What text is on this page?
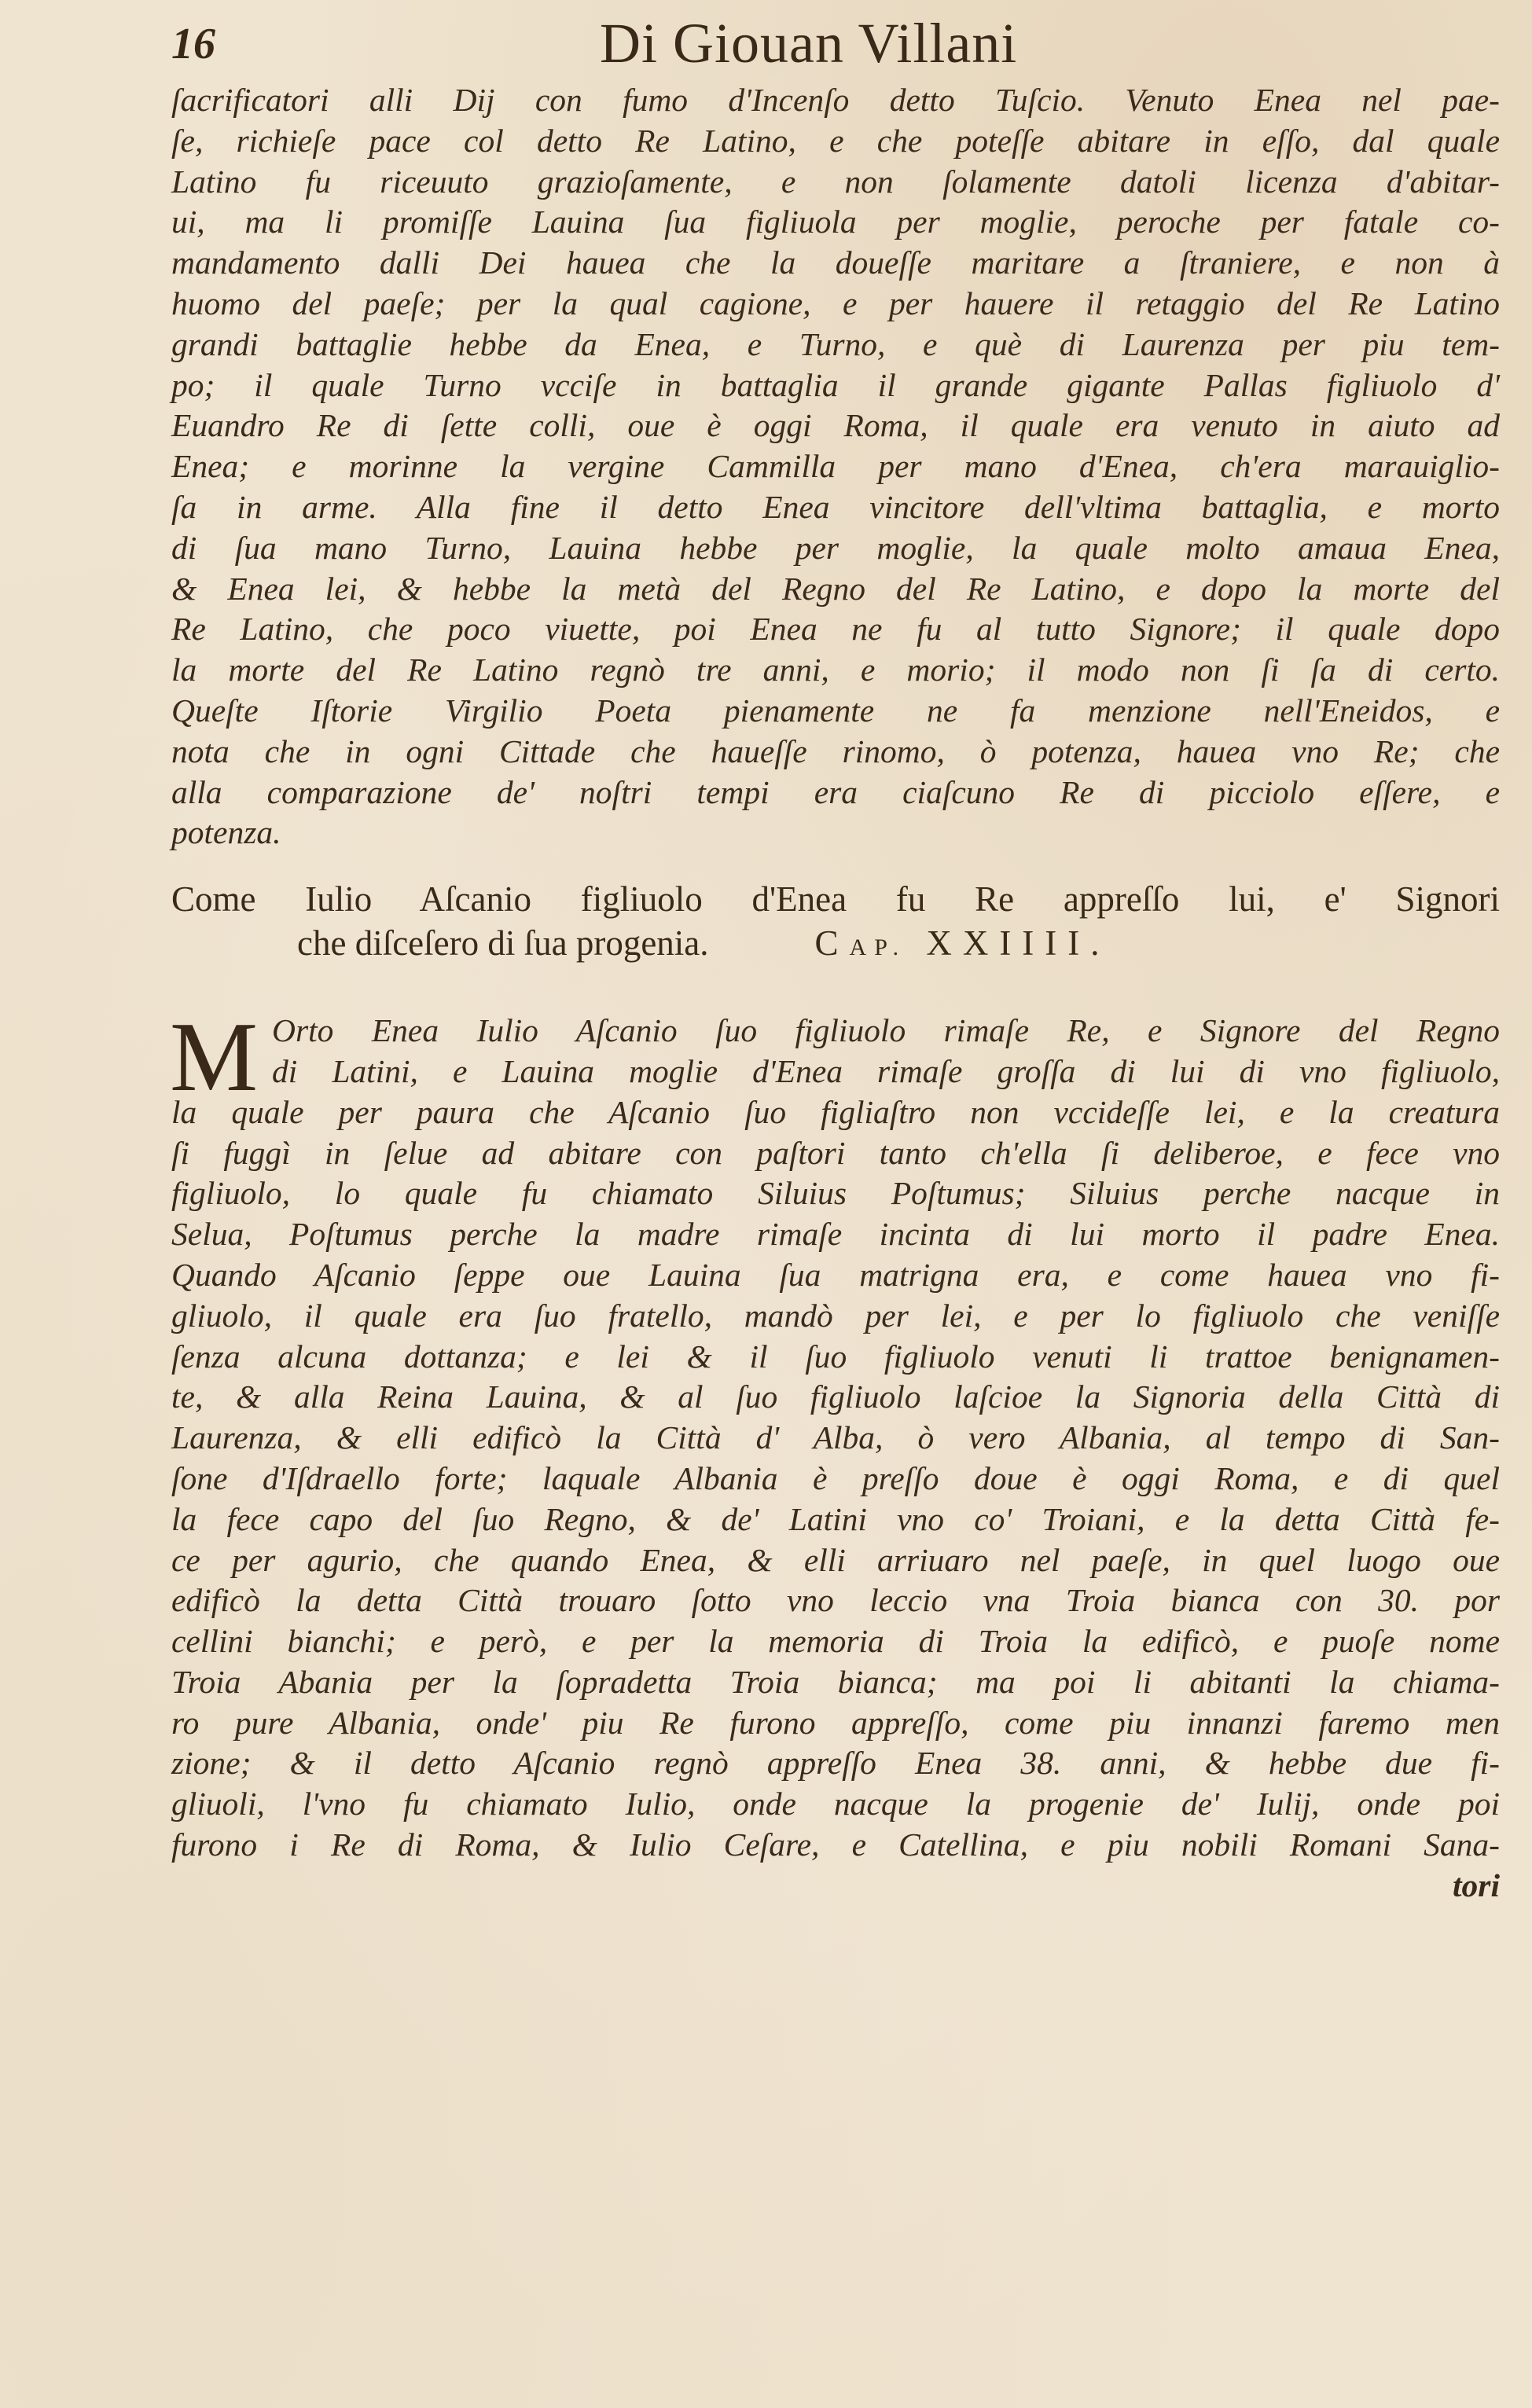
16	Di Giouan Villani
ſacrificatori alli Dij con fumo d'Incenſo detto Tuſcio. Venuto Enea nel pae-
ſe, richieſe pace col detto Re Latino, e che poteſſe abitare in eſſo, dal quale
Latino fu riceuuto grazioſamente, e non ſolamente datoli licenza d'abitar-
ui, ma li promiſſe Lauina ſua figliuola per moglie, peroche per fatale co-
mandamento dalli Dei hauea che la doueſſe maritare a ſtraniere, e non à
huomo del paeſe; per la qual cagione, e per hauere il retaggio del Re Latino
grandi battaglie hebbe da Enea, e Turno, e què di Laurenza per piu tem-
po; il quale Turno vcciſe in battaglia il grande gigante Pallas figliuolo d'
Euandro Re di ſette colli, oue è oggi Roma, il quale era venuto in aiuto ad
Enea; e morinne la vergine Cammilla per mano d'Enea, ch'era marauiglio-
ſa in arme. Alla fine il detto Enea vincitore dell'vltima battaglia, e morto
di ſua mano Turno, Lauina hebbe per moglie, la quale molto amaua Enea,
& Enea lei, & hebbe la metà del Regno del Re Latino, e dopo la morte del
Re Latino, che poco viuette, poi Enea ne fu al tutto Signore; il quale dopo
la morte del Re Latino regnò tre anni, e morio; il modo non ſi ſa di certo.
Queſte Iſtorie Virgilio Poeta pienamente ne fa menzione nell'Eneidos, e
nota che in ogni Cittade che haueſſe rinomo, ò potenza, hauea vno Re; che
alla comparazione de' noſtri tempi era ciaſcuno Re di picciolo eſſere, e
potenza.
Come Iulio Aſcanio figliuolo d'Enea fu Re appreſſo lui, e' Signori
che diſceſero di ſua progenia.	CAP. XXIIII.
M Orto Enea Iulio Aſcanio ſuo figliuolo rimaſe Re, e Signore del Regno
di Latini, e Lauina moglie d'Enea rimaſe groſſa di lui di vno figliuolo,
la quale per paura che Aſcanio ſuo figliaſtro non vccideſſe lei, e la creatura
ſi fuggì in ſelue ad abitare con paſtori tanto ch'ella ſi deliberoe, e fece vno
figliuolo, lo quale fu chiamato Siluius Poſtumus; Siluius perche nacque in
Selua, Poſtumus perche la madre rimaſe incinta di lui morto il padre Enea.
Quando Aſcanio ſeppe oue Lauina ſua matrigna era, e come hauea vno fi-
gliuolo, il quale era ſuo fratello, mandò per lei, e per lo figliuolo che veniſſe
ſenza alcuna dottanza; e lei & il ſuo figliuolo venuti li trattoe benignamen-
te, & alla Reina Lauina, & al ſuo figliuolo laſcioe la Signoria della Città di
Laurenza, & elli edificò la Città d' Alba, ò vero Albania, al tempo di San-
ſone d'Iſdraello forte; laquale Albania è preſſo doue è oggi Roma, e di quel
la fece capo del ſuo Regno, & de' Latini vno co' Troiani, e la detta Città fe-
ce per agurio, che quando Enea, & elli arriuaro nel paeſe, in quel luogo oue
edificò la detta Città trouaro ſotto vno leccio vna Troia bianca con 30. por
cellini bianchi; e però, e per la memoria di Troia la edificò, e puoſe nome
Troia Abania per la ſopradetta Troia bianca; ma poi li abitanti la chiama-
ro pure Albania, onde' piu Re furono appreſſo, come piu innanzi faremo men
zione; & il detto Aſcanio regnò appreſſo Enea 38. anni, & hebbe due fi-
gliuoli, l'vno fu chiamato Iulio, onde nacque la progenie de' Iulij, onde poi
furono i Re di Roma, & Iulio Ceſare, e Catellina, e piu nobili Romani Sana-
tori
